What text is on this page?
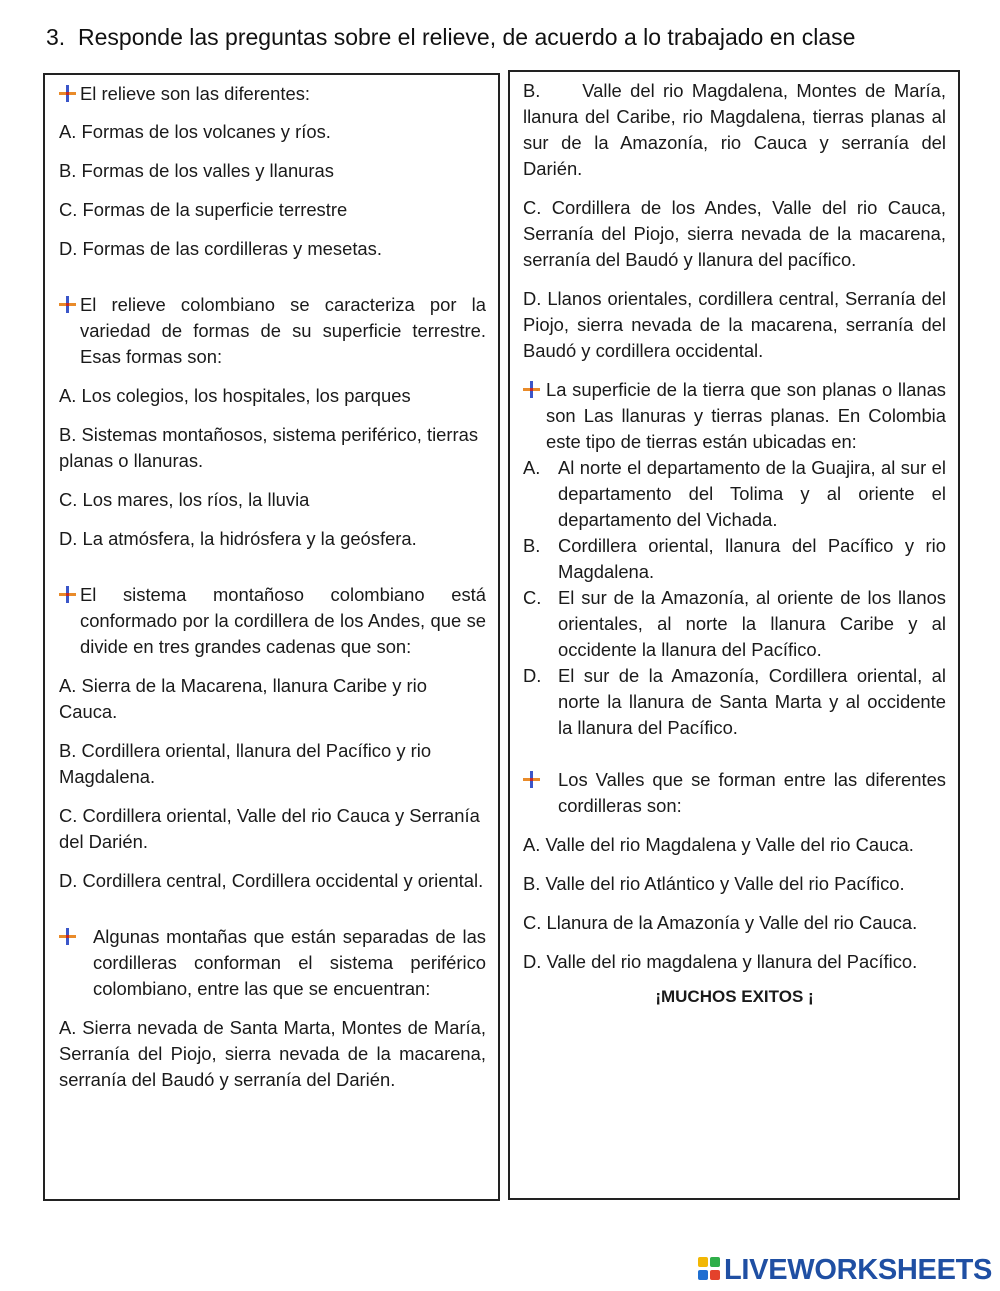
3. Responde las preguntas sobre el relieve, de acuerdo a lo trabajado en clase

El relieve son las diferentes:

A. Formas de los volcanes y ríos.

B. Formas de los valles y llanuras

C. Formas de la superficie terrestre

D. Formas de las cordilleras y mesetas.

El relieve colombiano se caracteriza por la variedad de formas de su superficie terrestre. Esas formas son:

A. Los colegios, los hospitales, los parques

B. Sistemas montañosos, sistema periférico, tierras planas o llanuras.

C. Los mares, los ríos, la lluvia

D. La atmósfera, la hidrósfera y la geósfera.

El sistema montañoso colombiano está conformado por la cordillera de los Andes, que se divide en tres grandes cadenas que son:

A. Sierra de la Macarena, llanura Caribe y rio Cauca.

B. Cordillera oriental, llanura del Pacífico y rio Magdalena.

C. Cordillera oriental, Valle del rio Cauca y Serranía del Darién.

D. Cordillera central, Cordillera occidental y oriental.

Algunas montañas que están separadas de las cordilleras conforman el sistema periférico colombiano, entre las que se encuentran:

A. Sierra nevada de Santa Marta, Montes de María, Serranía del Piojo, sierra nevada de la macarena, serranía del Baudó y serranía del Darién.

B.     Valle del rio Magdalena, Montes de María, llanura del Caribe, rio Magdalena, tierras planas al sur de la Amazonía, rio Cauca y serranía del Darién.

C. Cordillera de los Andes, Valle del rio Cauca, Serranía del Piojo, sierra nevada de la macarena, serranía del Baudó y llanura del pacífico.

D. Llanos orientales, cordillera central, Serranía del Piojo, sierra nevada de la macarena, serranía del Baudó y cordillera occidental.

La superficie de la tierra que son planas o llanas son Las llanuras y tierras planas. En Colombia este tipo de tierras están ubicadas en:

A. Al norte el departamento de la Guajira, al sur el departamento del Tolima y al oriente el departamento del Vichada.

B. Cordillera oriental, llanura del Pacífico y rio Magdalena.

C. El sur de la Amazonía, al oriente de los llanos orientales, al norte la llanura Caribe y al occidente la llanura del Pacífico.

D. El sur de la Amazonía, Cordillera oriental, al norte la llanura de Santa Marta y al occidente la llanura del Pacífico.

Los Valles que se forman entre las diferentes cordilleras son:

A. Valle del rio Magdalena y Valle del rio Cauca.

B. Valle del rio Atlántico y Valle del rio Pacífico.

C. Llanura de la Amazonía y Valle del rio Cauca.

D. Valle del rio magdalena y llanura del Pacífico.

¡MUCHOS EXITOS ¡

LIVEWORKSHEETS
